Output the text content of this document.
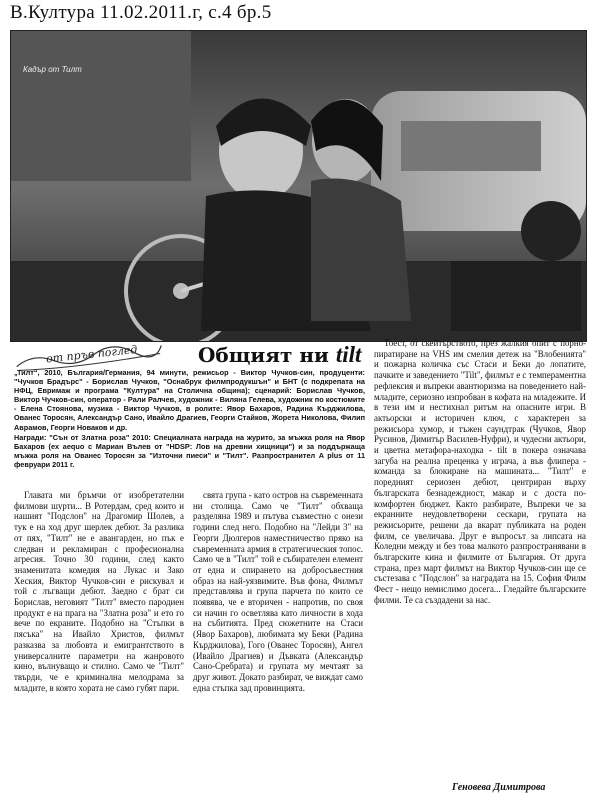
В.Култура 11.02.2011.г, с.4 бр.5
Кадър от Тилт
от пръв поглед	Общият ни tilt

„Тилт“, 2010, България/Германия, 94 минути, режисьор - Виктор Чучков-син, продуценти: "Чучков Брадърс" - Борислав Чучков, "Оснабрук филмпродукшън" и БНТ (с подкрепата на НФЦ, Евримаж и програма "Култура" на Столична община); сценарий: Борислав Чучков, Виктор Чучков-син, оператор - Рали Ралчев, художник - Виляна Гелева, художник по костюмите - Елена Стоянова, музика - Виктор Чучков, в ролите: Явор Бахаров, Радина Кърджилова, Ованес Торосян, Александър Сано, Ивайло Драгиев, Георги Стайков, Жорета Николова, Филип Аврамов, Георги Новаков и др.

Награди: "Сън от Златна роза" 2010: Специалната награда на журито, за мъжка роля на Явор Бахаров (ex aequo с Мариан Вълев от "HDSP: Лов на древни хищници") и за поддържаща мъжка роля на Овaнес Торосян за "Източни пиеси" и "Тилт". Разпространител A plus от 11 февруари 2011 г.

Главата ми бръмчи от изобретателни филмови шурти... В Ротердам, сред които и нашият "Подслон" на Драгомир Шолев, а тук е на ход друг шерлек дебют. За разлика от пях, "Тилт" не е авангарден, но пък е следван и рекламиран с професионална агресия. Точно 30 години, след както знаменитата комедия на Лукас и Зако Хеския, Виктор Чучков-син е рискувал и той с лъгващи дебют. Заедно с брат си Борислав, неговият "Тилт" вместо пародиен продукт е на прага на "Златна роза" и ето го вече по екраните. Подобно на "Стъпки в пясъка" на Ивайло Христов, филмът разказва за любовта и емигрантството в универсалните параметри на жанровото кино, вълнуващо и стилно. Само че "Тилт" твърди, че е криминална мелодрама за младите, в която хората не само губят пари.

свята група - като остров на съвременната ни столица. Само че "Тилт" обхваща разделяна 1989 и пътува съвместно с онези години след него. Подобно на "Лейди 3" на Георги Дюлгеров наместничество пряко на съвременната армия в стратегическия топос. Само че в "Тилт" той е събирателен елемент от една и спирането на добросъвестния образ на най-уязвимите. Във фона, Филмът представлява и група парчета по които се появява, че е вторичен - напротив, по своя си начин го осветлява като личности в хода на събитията. Пред сюжетните на Стаси (Явор Бахаров), любимата му Беки (Радина Кърджилова), Гого (Овaнес Торосян), Ангел (Ивайло Драгиев) и Дъвката (Александър Сано-Сребрата) и групата му мечтаят за друг живот. Докато разбират, че виждат само една стъпка зад провинцията.

Тоест, от скейтърството, през жалкия опит с порно-пиратиране на VHS им смелия детеж на "Влобенията" и пожарна количка със Стаси и Беки до лопатите, пачките и заведението "Tilt", филмът е с темпераментна рефлексия и въпреки авантюризма на поведението най-младите, сериозно изпробван в кофата на младежите. И в тези им и нестихнал ритъм на опасните игри. В актьорски и историчен ключ, с характерен за режисьора хумор, и тъжен саундтрак (Чучков, Явор Русинов, Димитър Василев-Нуфри), и чудесни актьори, и цветна метафора-находка - tilt в покера означава загуба на реална преценка у играча, а във флипера - команда за блокиране на машината... "Тилт" е поредният сериозен дебют, центриран върху българската безнадеждност, макар и с доста по-комфортен бюджет. Както разбирате, Въпреки че за екранните неудовлетворени сескари, групата на режисьорите, решени да вкарат публиката на роден филм, се увеличава. Друг е въпросът за липсата на Коледни между и без това малкото разпространявани в българските кина и филмите от България. От друга страна, през март филмът на Виктор Чучков-син ще се състезава с "Подслон" за наградата на 15. София Филм Фест - нещо немислимо досега... Гледайте българските филми. Те са създадени за нас.

Геновева Димитрова
